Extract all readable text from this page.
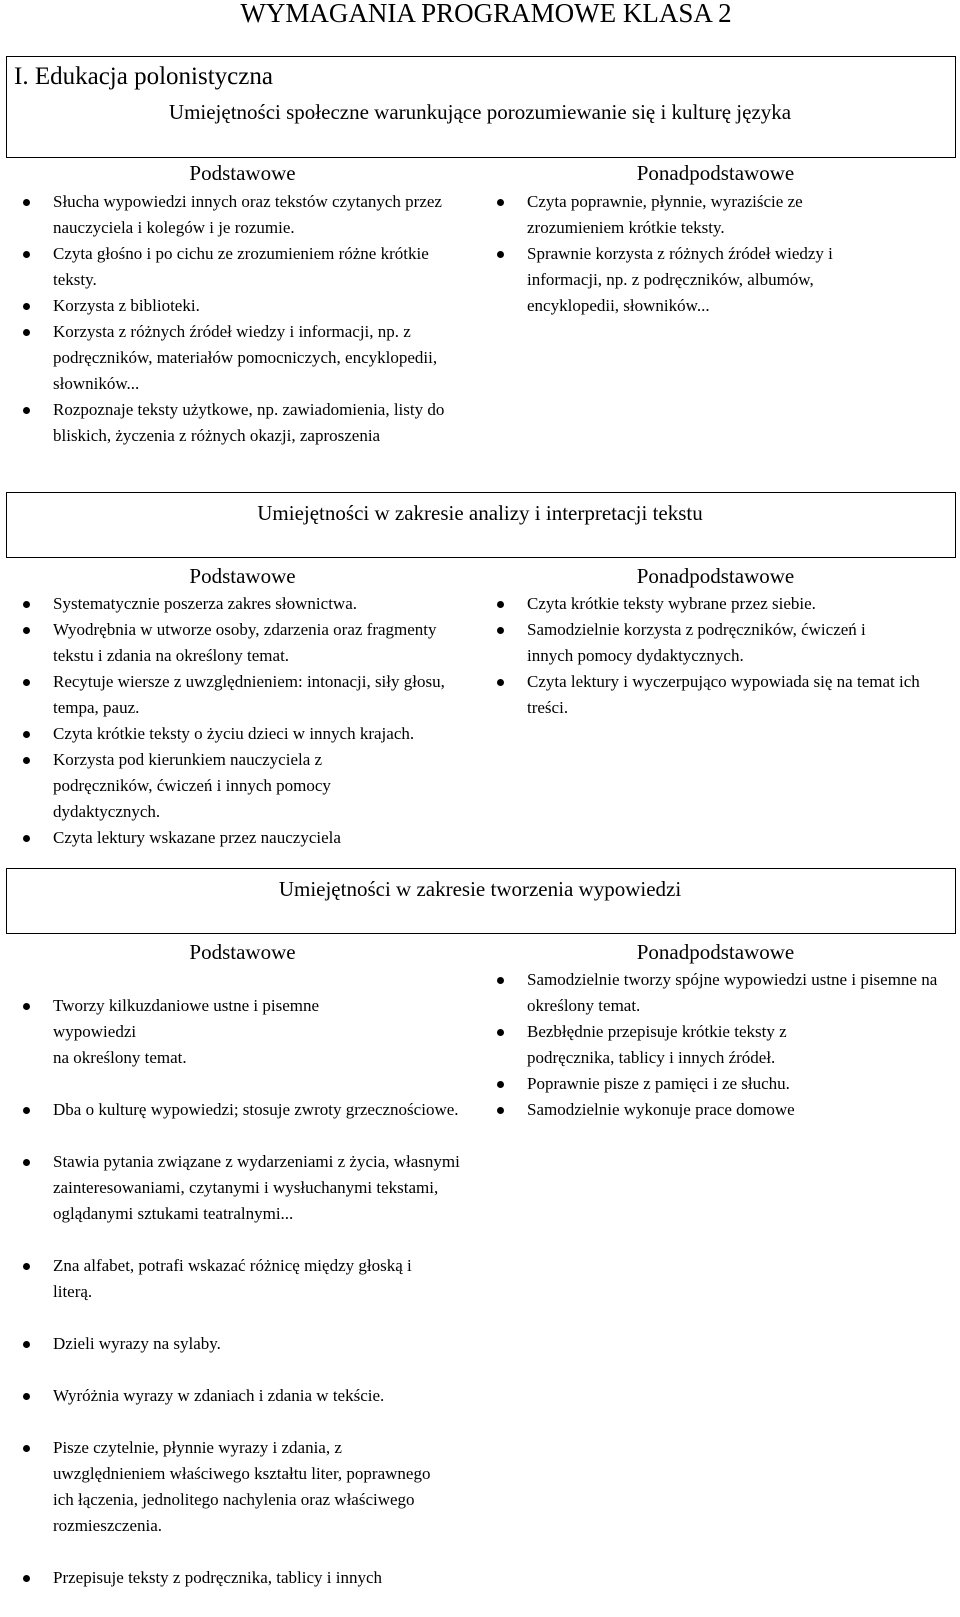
WYMAGANIA PROGRAMOWE KLASA 2
I. Edukacja polonistyczna
Umiejętności społeczne warunkujące porozumiewanie się i kulturę języka
Podstawowe	Ponadpodstawowe
Słucha wypowiedzi innych oraz tekstów czytanych przez nauczyciela i kolegów i je rozumie.
Czyta głośno i po cichu ze zrozumieniem różne krótkie teksty.
Korzysta z biblioteki.
Korzysta z różnych źródeł wiedzy i informacji, np. z podręczników, materiałów pomocniczych, encyklopedii, słowników...
Rozpoznaje teksty użytkowe, np. zawiadomienia, listy do bliskich, życzenia z różnych okazji, zaproszenia
Czyta poprawnie, płynnie, wyraziście ze zrozumieniem krótkie teksty.
Sprawnie korzysta z różnych źródeł wiedzy i informacji, np. z podręczników, albumów, encyklopedii, słowników...
Umiejętności w zakresie analizy i interpretacji tekstu
Podstawowe	Ponadpodstawowe
Systematycznie poszerza zakres słownictwa.
Wyodrębnia w utworze osoby, zdarzenia oraz fragmenty tekstu i zdania na określony temat.
Recytuje wiersze z uwzględnieniem: intonacji, siły głosu, tempa, pauz.
Czyta krótkie teksty o życiu dzieci w innych krajach.
Korzysta pod kierunkiem nauczyciela z podręczników, ćwiczeń i innych pomocy dydaktycznych.
Czyta lektury wskazane przez nauczyciela
Czyta krótkie teksty wybrane przez siebie.
Samodzielnie korzysta z podręczników, ćwiczeń i innych pomocy dydaktycznych.
Czyta lektury i wyczerpująco wypowiada się na temat ich treści.
Umiejętności w zakresie tworzenia wypowiedzi
Podstawowe	Ponadpodstawowe

Tworzy kilkuzdaniowe ustne i pisemne wypowiedzi
na określony temat.

Dba o kulturę wypowiedzi; stosuje zwroty grzecznościowe.

Stawia pytania związane z wydarzeniami z życia, własnymi zainteresowaniami, czytanymi i wysłuchanymi tekstami, oglądanymi sztukami teatralnymi...

Zna alfabet, potrafi wskazać różnicę między głoską i literą.

Dzieli wyrazy na sylaby.

Wyróżnia wyrazy w zdaniach i zdania w tekście.

Pisze czytelnie, płynnie wyrazy i zdania, z uwzględnieniem właściwego kształtu liter, poprawnego ich łączenia, jednolitego nachylenia oraz właściwego rozmieszczenia.

Przepisuje teksty z podręcznika, tablicy i innych

Samodzielnie tworzy spójne wypowiedzi ustne i pisemne na określony temat.
Bezbłędnie przepisuje krótkie teksty z podręcznika, tablicy i innych źródeł.
Poprawnie pisze z pamięci i ze słuchu.
Samodzielnie wykonuje prace domowe
